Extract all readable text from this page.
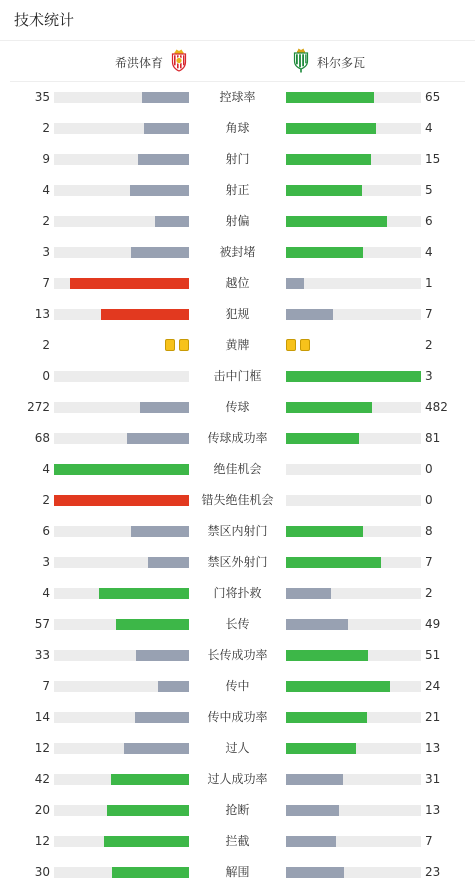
技术统计
希洪体育	科尔多瓦
35	控球率	65
2	角球	4
9	射门	15
4	射正	5
2	射偏	6
3	被封堵	4
7	越位	1
13	犯规	7
2	黄牌	2
0	击中门框	3
272	传球	482
68	传球成功率	81
4	绝佳机会	0
2	错失绝佳机会	0
6	禁区内射门	8
3	禁区外射门	7
4	门将扑救	2
57	长传	49
33	长传成功率	51
7	传中	24
14	传中成功率	21
12	过人	13
42	过人成功率	31
20	抢断	13
12	拦截	7
30	解围	23
